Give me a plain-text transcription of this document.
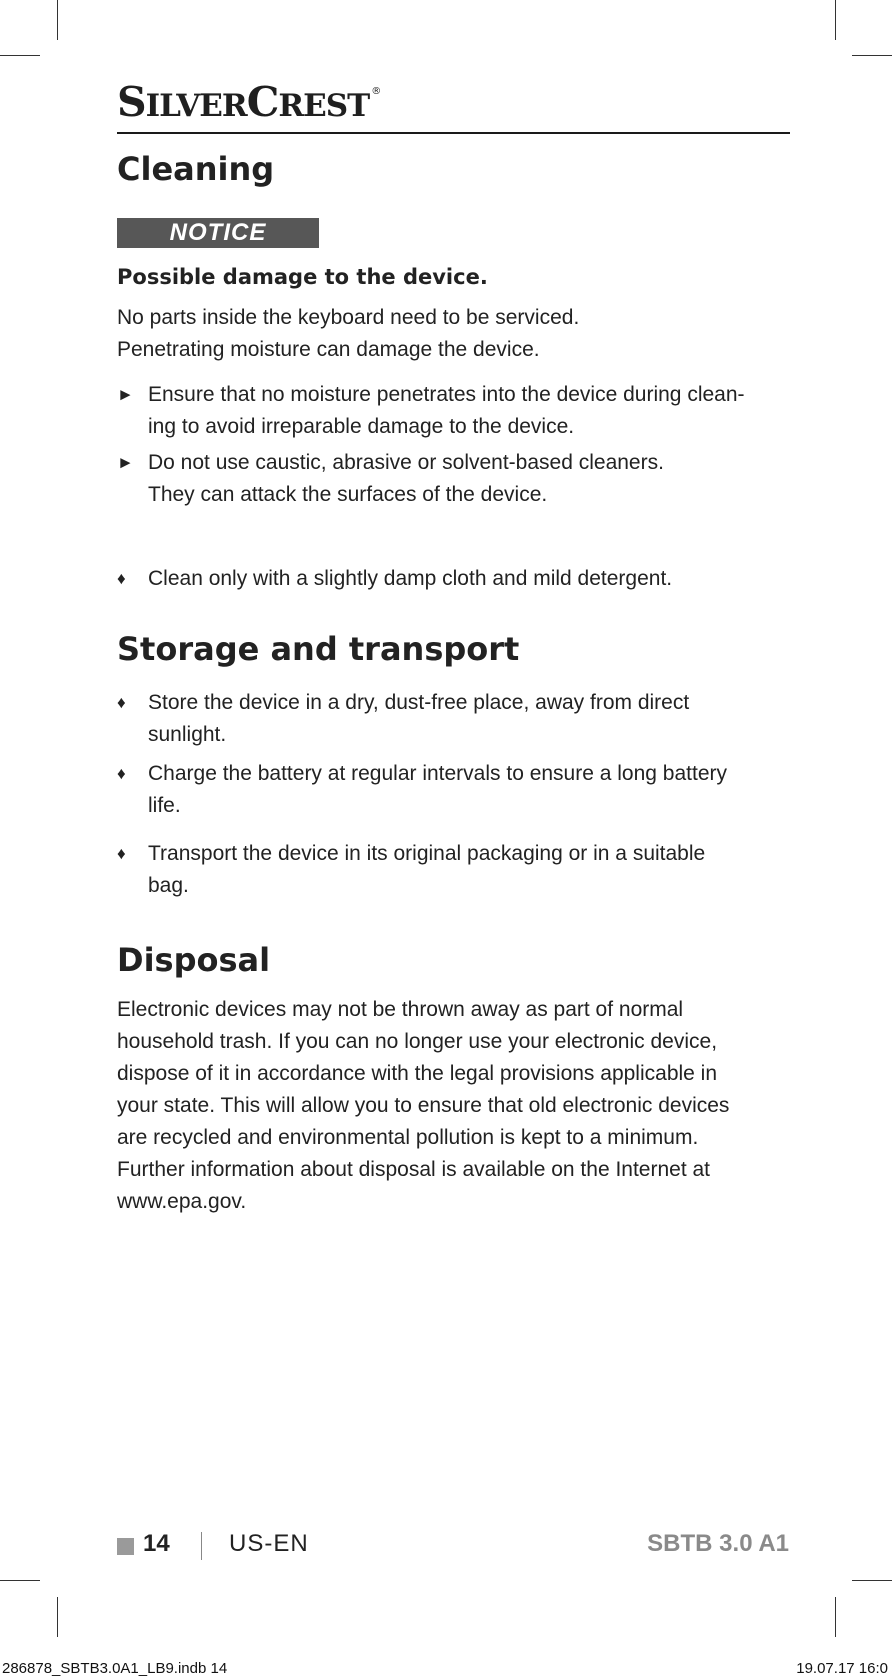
SILVERCREST ®
Cleaning
NOTICE
Possible damage to the device.
No parts inside the keyboard need to be serviced.
Penetrating moisture can damage the device.
► Ensure that no moisture penetrates into the device during clean-
ing to avoid irreparable damage to the device.
► Do not use caustic, abrasive or solvent-based cleaners.
They can attack the surfaces of the device.
♦	Clean only with a slightly damp cloth and mild detergent.
Storage and transport
♦	Store the device in a dry, dust-free place, away from direct
sunlight.
♦	Charge the battery at regular intervals to ensure a long battery
life.
♦	Transport the device in its original packaging or in a suitable
bag.
Disposal
Electronic devices may not be thrown away as part of normal
household trash. If you can no longer use your electronic device,
dispose of it in accordance with the legal provisions applicable in
your state. This will allow you to ensure that old electronic devices
are recycled and environmental pollution is kept to a minimum.
Further information about disposal is available on the Internet at
www.epa.gov.
14 US-EN	SBTB 3.0 A1
286878_SBTB3.0A1_LB9.indb 14	19.07.17 16:0
